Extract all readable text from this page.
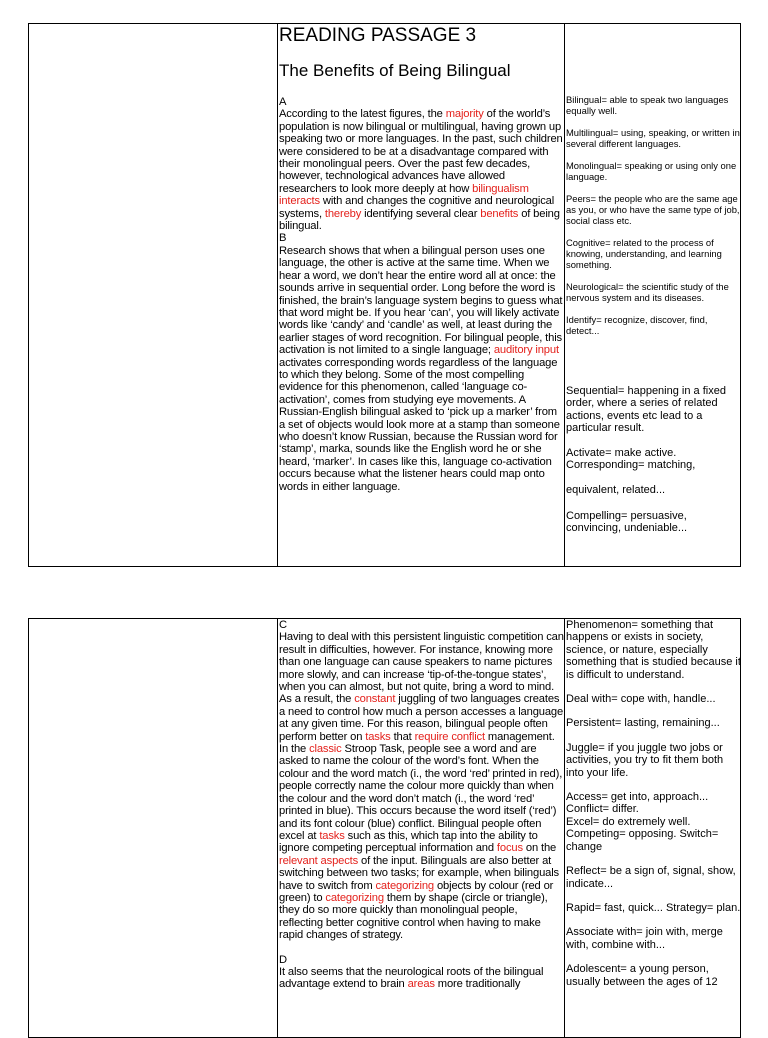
READING PASSAGE 3
The Benefits of Being Bilingual

A

According to the latest figures, the majority of the world’s population is now bilingual or multilingual, having grown up speaking two or more languages. In the past, such children were considered to be at a disadvantage compared with their monolingual peers. Over the past few decades, however, technological advances have allowed researchers to look more deeply at how bilingualism interacts with and changes the cognitive and neurological systems, thereby identifying several clear benefits of being bilingual.

B

Research shows that when a bilingual person uses one language, the other is active at the same time. When we hear a word, we don’t hear the entire word all at once: the sounds arrive in sequential order. Long before the word is finished, the brain’s language system begins to guess what that word might be. If you hear ‘can’, you will likely activate words like ‘candy’ and ‘candle’ as well, at least during the earlier stages of word recognition. For bilingual people, this activation is not limited to a single language; auditory input activates corresponding words regardless of the language to which they belong. Some of the most compelling evidence for this phenomenon, called ‘language co-activation’, comes from studying eye movements. A Russian-English bilingual asked to ‘pick up a marker’ from a set of objects would look more at a stamp than someone who doesn’t know Russian, because the Russian word for ‘stamp’, marka, sounds like the English word he or she heard, ‘marker’. In cases like this, language co-activation occurs because what the listener hears could map onto words in either language.

Bilingual= able to speak two languages equally well.

Multilingual= using, speaking, or written in several different languages.

Monolingual= speaking or using only one language.

Peers= the people who are the same age as you, or who have the same type of job, social class etc.

Cognitive= related to the process of knowing, understanding, and learning something.

Neurological= the scientific study of the nervous system and its diseases.

Identify= recognize, discover, find, detect...

Sequential= happening in a fixed order, where a series of related actions, events etc lead to a particular result.

Activate= make active.

Corresponding= matching,

equivalent, related...

Compelling= persuasive, convincing, undeniable...

C

Having to deal with this persistent linguistic competition can result in difficulties, however. For instance, knowing more than one language can cause speakers to name pictures more slowly, and can increase ‘tip-of-the-tongue states’, when you can almost, but not quite, bring a word to mind. As a result, the constant juggling of two languages creates a need to control how much a person accesses a language at any given time. For this reason, bilingual people often perform better on tasks that require conflict management. In the classic Stroop Task, people see a word and are asked to name the colour of the word’s font. When the colour and the word match (i., the word ‘red’ printed in red), people correctly name the colour more quickly than when the colour and the word don’t match (i., the word ‘red’ printed in blue). This occurs because the word itself (‘red’) and its font colour (blue) conflict. Bilingual people often excel at tasks such as this, which tap into the ability to ignore competing perceptual information and focus on the relevant aspects of the input. Bilinguals are also better at switching between two tasks; for example, when bilinguals have to switch from categorizing objects by colour (red or green) to categorizing them by shape (circle or triangle), they do so more quickly than monolingual people, reflecting better cognitive control when having to make rapid changes of strategy.

D

It also seems that the neurological roots of the bilingual advantage extend to brain areas more traditionally

Phenomenon= something that happens or exists in society, science, or nature, especially something that is studied because it is difficult to understand.

Deal with= cope with, handle...

Persistent= lasting, remaining...

Juggle= if you juggle two jobs or activities, you try to fit them both into your life.

Access= get into, approach...

Conflict= differ.

Excel= do extremely well.

Competing= opposing. Switch= change

Reflect= be a sign of, signal, show, indicate...

Rapid= fast, quick... Strategy= plan.

Associate with= join with, merge with, combine with...

Adolescent= a young person, usually between the ages of 12
